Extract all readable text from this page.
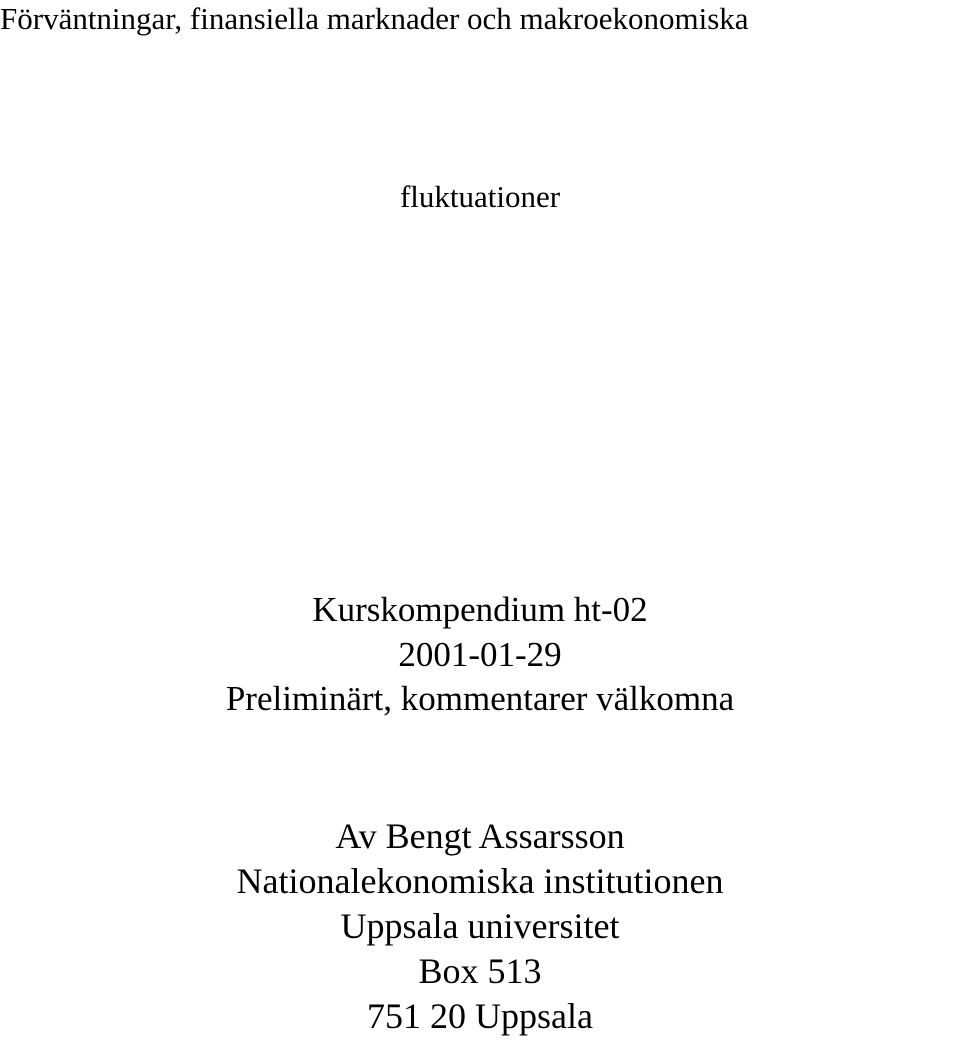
Förväntningar, finansiella marknader och makroekonomiska
fluktuationer
Kurskompendium ht-02
2001-01-29
Preliminärt, kommentarer välkomna
Av Bengt Assarsson
Nationalekonomiska institutionen
Uppsala universitet
Box 513
751 20 Uppsala
